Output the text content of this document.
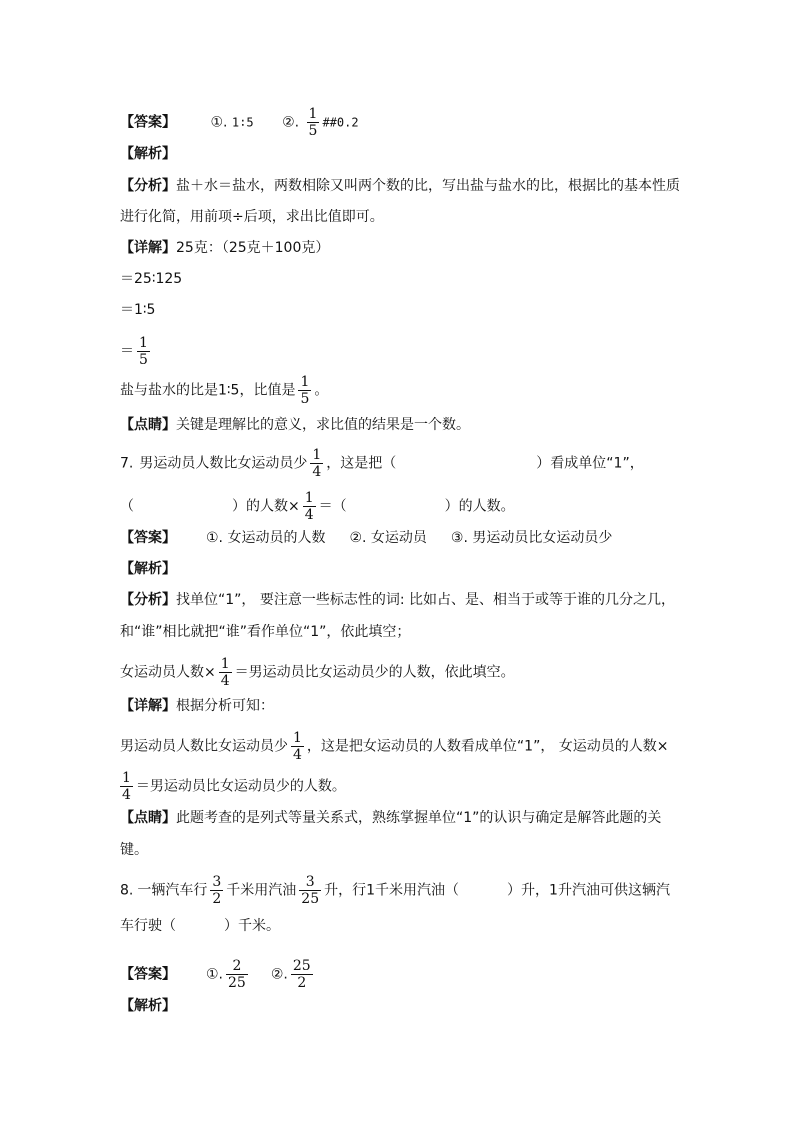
【答案】 ①. 1∶5 ②. $\frac{1}{5}$ ##0.2
【解析】
【分析】盐＋水＝盐水，两数相除又叫两个数的比，写出盐与盐水的比，根据比的基本性质
进行化简，用前项÷后项，求出比值即可。
【详解】25克：（25克＋100克）
＝25∶125
＝1∶5
＝ $\frac{1}{5}$
盐与盐水的比是1∶5，比值是 $\frac{1}{5}$ 。
【点睛】关键是理解比的意义，求比值的结果是一个数。
7. 男运动员人数比女运动员少 $\frac{1}{4}$ ，这是把（	）看成单位“1”，
（	）的人数× $\frac{1}{4}$ ＝（	）的人数。
【答案】 ①. 女运动员的人数 ②. 女运动员 ③. 男运动员比女运动员少
【解析】
【分析】找单位“1”， 要注意一些标志性的词: 比如占、是、相当于或等于谁的几分之几，
和“谁”相比就把“谁”看作单位“1”，依此填空；
女运动员人数× $\frac{1}{4}$ ＝男运动员比女运动员少的人数，依此填空。
【详解】根据分析可知：
男运动员人数比女运动员少 $\frac{1}{4}$ ，这是把女运动员的人数看成单位“1”， 女运动员的人数×
$\frac{1}{4}$ ＝男运动员比女运动员少的人数。
【点睛】此题考查的是列式等量关系式，熟练掌握单位“1”的认识与确定是解答此题的关
键。
8. 一辆汽车行 $\frac{3}{2}$ 千米用汽油 $\frac{3}{25}$ 升，行1千米用汽油（	）升，1升汽油可供这辆汽
车行驶（	）千米。
【答案】 ①. $\frac{2}{25}$ ②. $\frac{25}{2}$
【解析】
